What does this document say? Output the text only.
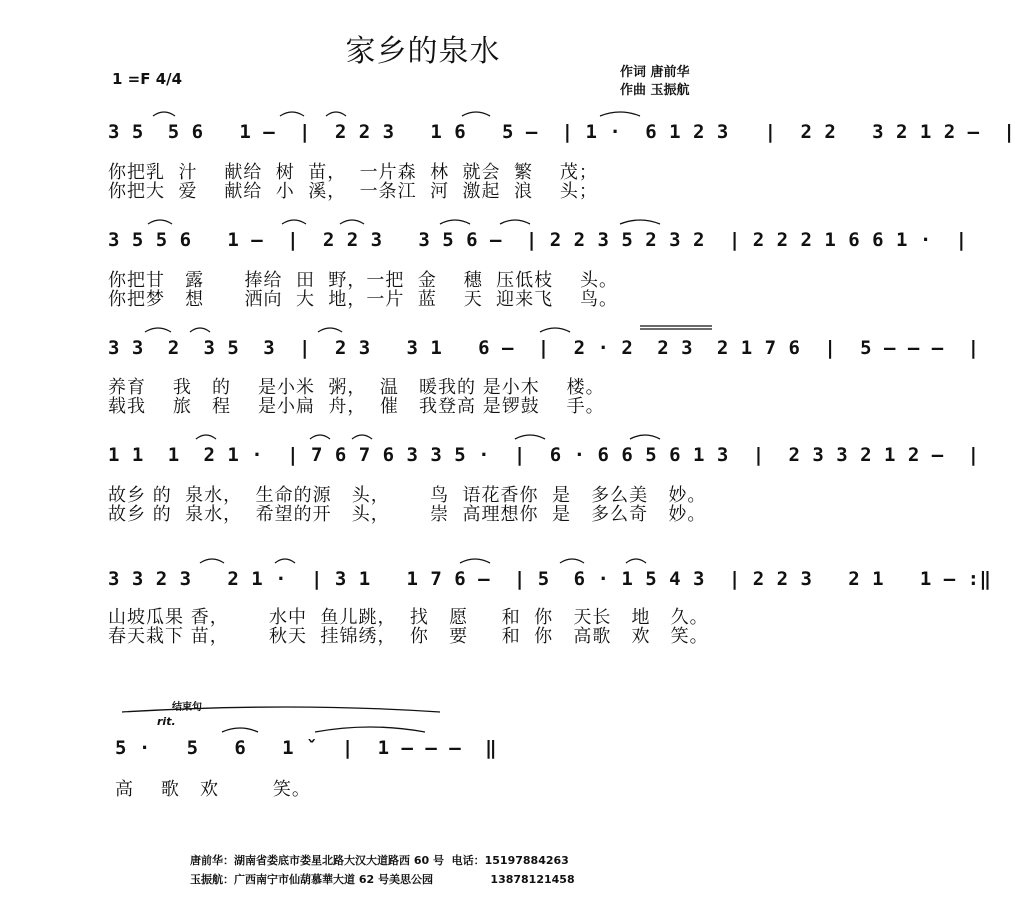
家乡的泉水
1 =F 4/4	作词 唐前华
作曲 玉振航
3 5  5 6   1 –  |  2 2 3   1 6   5 –  | 1 ·  6 1 2 3   |  2 2   3 2 1 2 –  |
你把乳  汁    献给  树  苗，  一片森  林  就会  繁    茂；
你把大  爱    献给  小  溪，  一条江  河  激起  浪    头；
3 5 5 6   1 –  |  2 2 3   3 5 6 –  | 2 2 3 5 2 3 2  | 2 2 2 1 6 6 1 ·  |
你把甘   露      捧给  田  野，一把  金    穗  压低枝    头。
你把梦   想      洒向  大  地，一片  蓝    天  迎来飞    鸟。
3 3  2  3 5  3  |  2 3   3 1   6 –  |  2 · 2  2 3  2 1 7 6  |  5 – – –  |
养育    我   的    是小米  粥，  温   暖我的 是小木    楼。
载我    旅   程    是小扁  舟，  催   我登高 是锣鼓    手。
1 1  1  2 1 ·  | 7 6 7 6 3 3 5 ·  |  6 · 6 6 5 6 1 3  |  2 3 3 2 1 2 –  |
故乡 的  泉水，  生命的源   头，      鸟  语花香你  是   多么美   妙。
故乡 的  泉水，  希望的开   头，      崇  高理想你  是   多么奇   妙。
3 3 2 3   2 1 ·  | 3 1   1 7 6 –  | 5  6 · 1 5 4 3  | 2 2 3   2 1   1 – :‖
山坡瓜果 香，      水中  鱼儿跳，  找   愿     和  你   天长   地   久。
春天栽下 苗，      秋天  挂锦绣，  你   要     和  你   高歌   欢   笑。
结束句
rit.
5 ·   5   6   1 ˇ  |  1 – – –  ‖
高    歌   欢        笑。
唐前华：湖南省娄底市娄星北路大汉大道路西 60 号  电话：15197884263
玉振航：广西南宁市仙葫慕華大道 62 号美思公园               13878121458
